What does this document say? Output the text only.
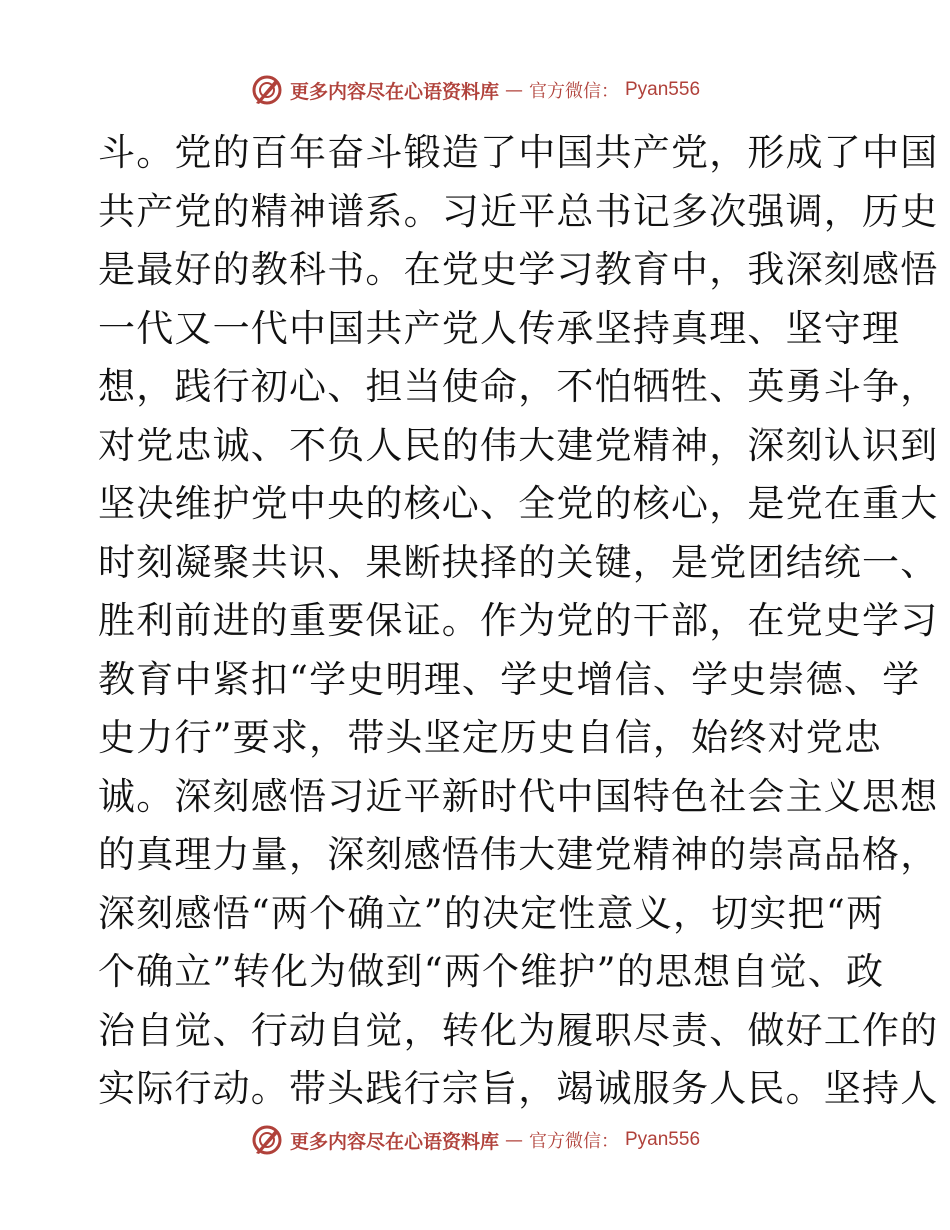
更多内容尽在心语资料库 — 官方微信： Pyan556
斗。党的百年奋斗锻造了中国共产党，形成了中国
共产党的精神谱系。习近平总书记多次强调，历史
是最好的教科书。在党史学习教育中，我深刻感悟
一代又一代中国共产党人传承坚持真理、坚守理
想，践行初心、担当使命，不怕牺牲、英勇斗争，
对党忠诚、不负人民的伟大建党精神，深刻认识到
坚决维护党中央的核心、全党的核心，是党在重大
时刻凝聚共识、果断抉择的关键，是党团结统一、
胜利前进的重要保证。作为党的干部，在党史学习
教育中紧扣“学史明理、学史增信、学史崇德、学
史力行”要求，带头坚定历史自信，始终对党忠
诚。深刻感悟习近平新时代中国特色社会主义思想
的真理力量，深刻感悟伟大建党精神的崇高品格，
深刻感悟“两个确立”的决定性意义，切实把“两
个确立”转化为做到“两个维护”的思想自觉、政
治自觉、行动自觉，转化为履职尽责、做好工作的
实际行动。带头践行宗旨，竭诚服务人民。坚持人
更多内容尽在心语资料库 — 官方微信： Pyan556
